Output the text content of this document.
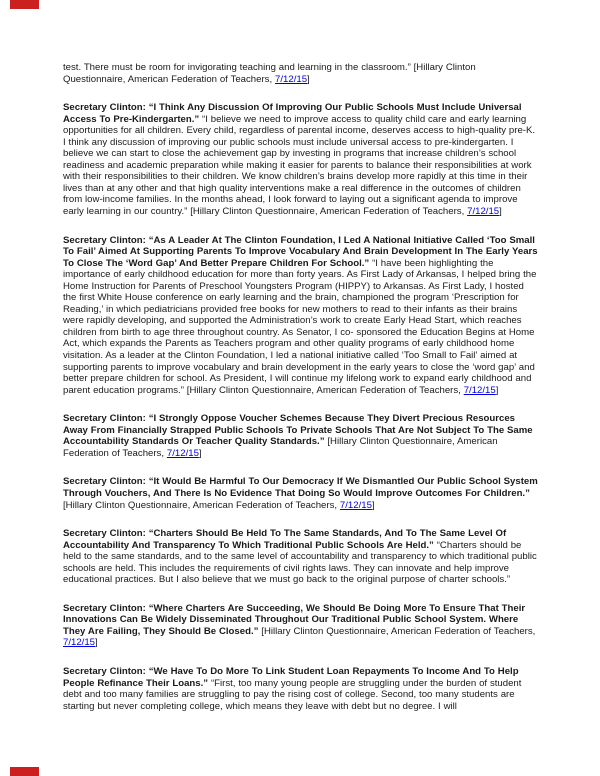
test. There must be room for invigorating teaching and learning in the classroom.” [Hillary Clinton Questionnaire, American Federation of Teachers, 7/12/15]

Secretary Clinton: “I Think Any Discussion Of Improving Our Public Schools Must Include Universal Access To Pre-Kindergarten.” “I believe we need to improve access to quality child care and early learning opportunities for all children. Every child, regardless of parental income, deserves access to high-quality pre-K. I think any discussion of improving our public schools must include universal access to pre-kindergarten. I believe we can start to close the achievement gap by investing in programs that increase children’s school readiness and academic preparation while making it easier for parents to balance their responsibilities at work with their responsibilities to their children. We know children’s brains develop more rapidly at this time in their lives than at any other and that high quality interventions make a real difference in the outcomes of children from low-income families. In the months ahead, I look forward to laying out a significant agenda to improve early learning in our country.” [Hillary Clinton Questionnaire, American Federation of Teachers, 7/12/15]

Secretary Clinton: “As A Leader At The Clinton Foundation, I Led A National Initiative Called ‘Too Small To Fail’ Aimed At Supporting Parents To Improve Vocabulary And Brain Development In The Early Years To Close The ‘Word Gap’ And Better Prepare Children For School.” “I have been highlighting the importance of early childhood education for more than forty years. As First Lady of Arkansas, I helped bring the Home Instruction for Parents of Preschool Youngsters Program (HIPPY) to Arkansas. As First Lady, I hosted the first White House conference on early learning and the brain, championed the program ‘Prescription for Reading,’ in which pediatricians provided free books for new mothers to read to their infants as their brains were rapidly developing, and supported the Administration’s work to create Early Head Start, which reaches children from birth to age three throughout country. As Senator, I co- sponsored the Education Begins at Home Act, which expands the Parents as Teachers program and other quality programs of early childhood home visitation. As a leader at the Clinton Foundation, I led a national initiative called ‘Too Small to Fail’ aimed at supporting parents to improve vocabulary and brain development in the early years to close the ‘word gap’ and better prepare children for school. As President, I will continue my lifelong work to expand early childhood and parent education programs.” [Hillary Clinton Questionnaire, American Federation of Teachers, 7/12/15]

Secretary Clinton: “I Strongly Oppose Voucher Schemes Because They Divert Precious Resources Away From Financially Strapped Public Schools To Private Schools That Are Not Subject To The Same Accountability Standards Or Teacher Quality Standards.” [Hillary Clinton Questionnaire, American Federation of Teachers, 7/12/15]

Secretary Clinton: “It Would Be Harmful To Our Democracy If We Dismantled Our Public School System Through Vouchers, And There Is No Evidence That Doing So Would Improve Outcomes For Children.” [Hillary Clinton Questionnaire, American Federation of Teachers, 7/12/15]

Secretary Clinton: “Charters Should Be Held To The Same Standards, And To The Same Level Of Accountability And Transparency To Which Traditional Public Schools Are Held.” “Charters should be held to the same standards, and to the same level of accountability and transparency to which traditional public schools are held. This includes the requirements of civil rights laws. They can innovate and help improve educational practices. But I also believe that we must go back to the original purpose of charter schools.”

Secretary Clinton: “Where Charters Are Succeeding, We Should Be Doing More To Ensure That Their Innovations Can Be Widely Disseminated Throughout Our Traditional Public School System. Where They Are Failing, They Should Be Closed.” [Hillary Clinton Questionnaire, American Federation of Teachers, 7/12/15]

Secretary Clinton: “We Have To Do More To Link Student Loan Repayments To Income And To Help People Refinance Their Loans.” “First, too many young people are struggling under the burden of student debt and too many families are struggling to pay the rising cost of college. Second, too many students are starting but never completing college, which means they leave with debt but no degree. I will
